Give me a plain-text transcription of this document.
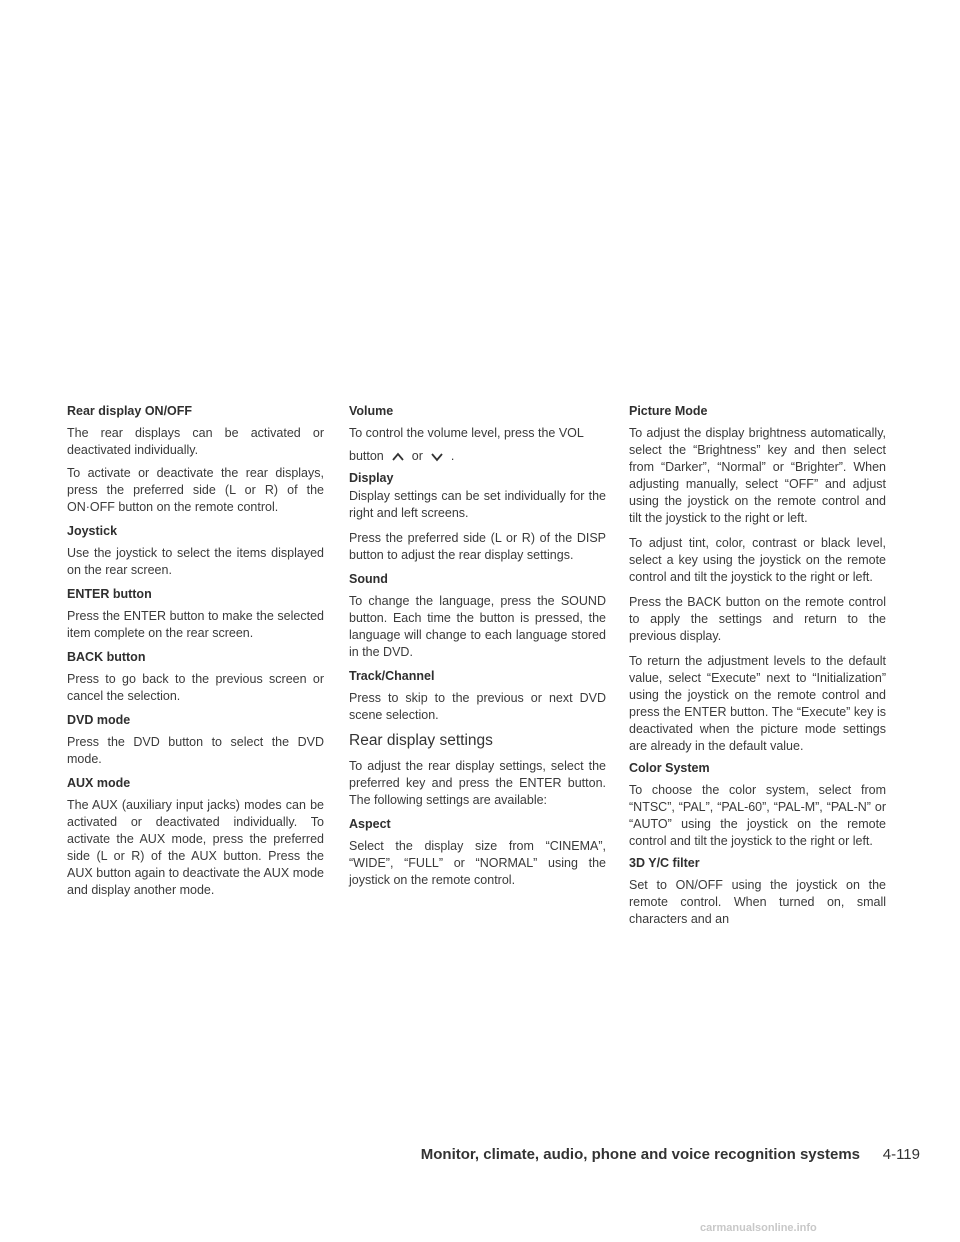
Rear display ON/OFF
The rear displays can be activated or deactivated individually.
To activate or deactivate the rear displays, press the preferred side (L or R) of the ON·OFF button on the remote control.
Joystick
Use the joystick to select the items displayed on the rear screen.
ENTER button
Press the ENTER button to make the selected item complete on the rear screen.
BACK button
Press to go back to the previous screen or cancel the selection.
DVD mode
Press the DVD button to select the DVD mode.
AUX mode
The AUX (auxiliary input jacks) modes can be activated or deactivated individually. To activate the AUX mode, press the preferred side (L or R) of the AUX button. Press the AUX button again to deactivate the AUX mode and display another mode.
Volume
To control the volume level, press the VOL
button or .
Display
Display settings can be set individually for the right and left screens.
Press the preferred side (L or R) of the DISP button to adjust the rear display settings.
Sound
To change the language, press the SOUND button. Each time the button is pressed, the language will change to each language stored in the DVD.
Track/Channel
Press to skip to the previous or next DVD scene selection.
Rear display settings
To adjust the rear display settings, select the preferred key and press the ENTER button. The following settings are available:
Aspect
Select the display size from “CINEMA”, “WIDE”, “FULL” or “NORMAL” using the joystick on the remote control.
Picture Mode
To adjust the display brightness automatically, select the “Brightness” key and then select from “Darker”, “Normal” or “Brighter”. When adjusting manually, select “OFF” and adjust using the joystick on the remote control and tilt the joystick to the right or left.
To adjust tint, color, contrast or black level, select a key using the joystick on the remote control and tilt the joystick to the right or left.
Press the BACK button on the remote control to apply the settings and return to the previous display.
To return the adjustment levels to the default value, select “Execute” next to “Initialization” using the joystick on the remote control and press the ENTER button. The “Execute” key is deactivated when the picture mode settings are already in the default value.
Color System
To choose the color system, select from “NTSC”, “PAL”, “PAL-60”, “PAL-M”, “PAL-N” or “AUTO” using the joystick on the remote control and tilt the joystick to the right or left.
3D Y/C filter
Set to ON/OFF using the joystick on the remote control. When turned on, small characters and an
Monitor, climate, audio, phone and voice recognition systems 4-119
carmanualsonline.info
